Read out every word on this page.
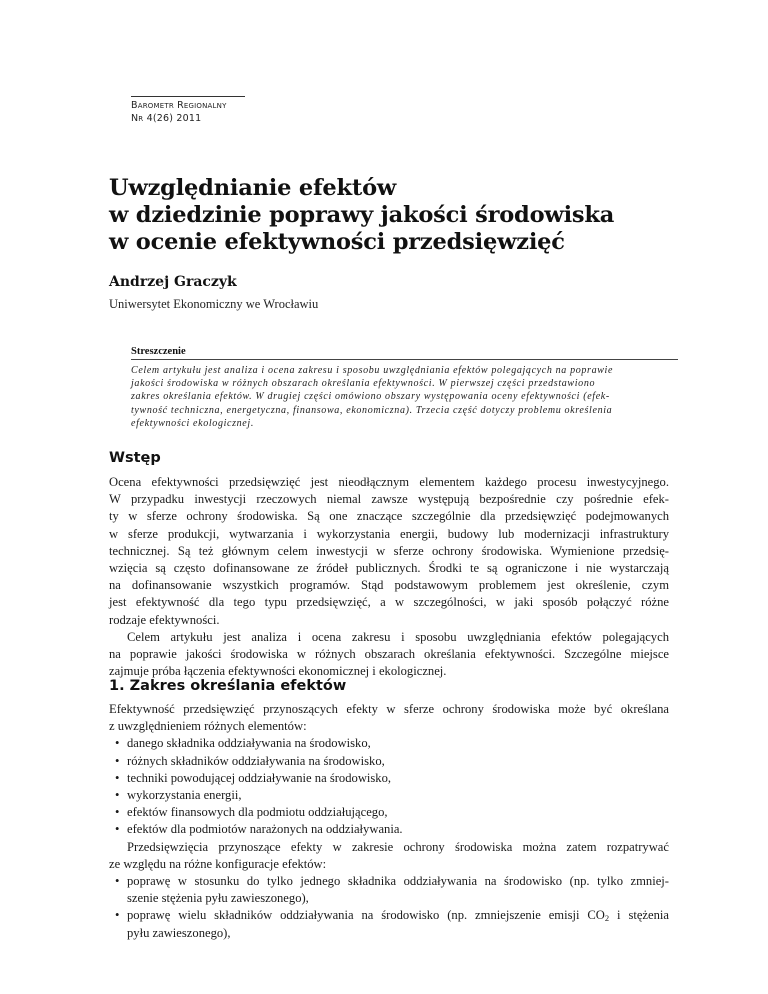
Barometr Regionalny
Nr 4(26) 2011
Uwzględnianie efektów
w dziedzinie poprawy jakości środowiska
w ocenie efektywności przedsięwzięć
Andrzej Graczyk
Uniwersytet Ekonomiczny we Wrocławiu
Streszczenie
Celem artykułu jest analiza i ocena zakresu i sposobu uwzględniania efektów polegających na poprawie
jakości środowiska w różnych obszarach określania efektywności. W pierwszej części przedstawiono
zakres określania efektów. W drugiej części omówiono obszary występowania oceny efektywności (efek-
tywność techniczna, energetyczna, finansowa, ekonomiczna). Trzecia część dotyczy problemu określenia
efektywności ekologicznej.
Wstęp
Ocena efektywności przedsięwzięć jest nieodłącznym elementem każdego procesu inwestycyjnego.
W przypadku inwestycji rzeczowych niemal zawsze występują bezpośrednie czy pośrednie efek-
ty w sferze ochrony środowiska. Są one znaczące szczególnie dla przedsięwzięć podejmowanych
w sferze produkcji, wytwarzania i wykorzystania energii, budowy lub modernizacji infrastruktury
technicznej. Są też głównym celem inwestycji w sferze ochrony środowiska. Wymienione przedsię-
wzięcia są często dofinansowane ze źródeł publicznych. Środki te są ograniczone i nie wystarczają
na dofinansowanie wszystkich programów. Stąd podstawowym problemem jest określenie, czym
jest efektywność dla tego typu przedsięwzięć, a w szczególności, w jaki sposób połączyć różne
rodzaje efektywności.
Celem artykułu jest analiza i ocena zakresu i sposobu uwzględniania efektów polegających
na poprawie jakości środowiska w różnych obszarach określania efektywności. Szczególne miejsce
zajmuje próba łączenia efektywności ekonomicznej i ekologicznej.
1. Zakres określania efektów
Efektywność przedsięwzięć przynoszących efekty w sferze ochrony środowiska może być określana
z uwzględnieniem różnych elementów:
• danego składnika oddziaływania na środowisko,
• różnych składników oddziaływania na środowisko,
• techniki powodującej oddziaływanie na środowisko,
• wykorzystania energii,
• efektów finansowych dla podmiotu oddziałującego,
• efektów dla podmiotów narażonych na oddziaływania.
Przedsięwzięcia przynoszące efekty w zakresie ochrony środowiska można zatem rozpatrywać
ze względu na różne konfiguracje efektów:
• poprawę w stosunku do tylko jednego składnika oddziaływania na środowisko (np. tylko zmniej-
szenie stężenia pyłu zawieszonego),
• poprawę wielu składników oddziaływania na środowisko (np. zmniejszenie emisji $CO_2$ i stężenia
pyłu zawieszonego),
